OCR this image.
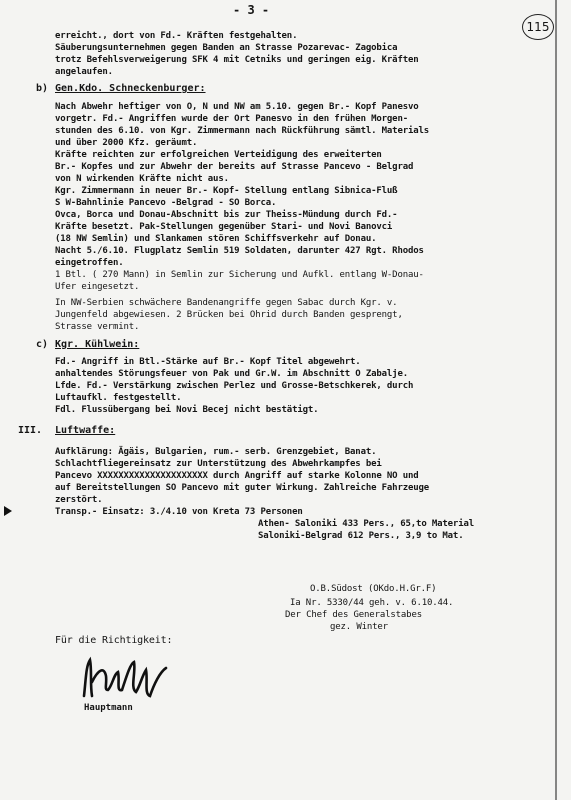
- 3 -
115
erreicht., dort von Fd.- Kräften festgehalten.
Säuberungsunternehmen gegen Banden an Strasse Pozarevac- Zagobica
trotz Befehlsverweigerung SFK 4 mit Cetniks und geringen eig. Kräften
angelaufen.
b) Gen.Kdo. Schneckenburger:
Nach Abwehr heftiger von O, N und NW am 5.10. gegen Br.- Kopf Panesvo
vorgetr. Fd.- Angriffen wurde der Ort Panesvo in den frühen Morgen-
stunden des 6.10. von Kgr. Zimmermann nach Rückführung sämtl. Materials
und über 2000 Kfz. geräumt.
Kräfte reichten zur erfolgreichen Verteidigung des erweiterten
Br.- Kopfes und zur Abwehr der bereits auf Strasse Pancevo - Belgrad
von N wirkenden Kräfte nicht aus.
Kgr. Zimmermann in neuer Br.- Kopf- Stellung entlang Sibnica-Fluß
S W-Bahnlinie Pancevo -Belgrad - SO Borca.
Ovca, Borca und Donau-Abschnitt bis zur Theiss-Mündung durch Fd.-
Kräfte besetzt. Pak-Stellungen gegenüber Stari- und Novi Banovci
(18 NW Semlin) und Slankamen stören Schiffsverkehr auf Donau.
Nacht 5./6.10. Flugplatz Semlin 519 Soldaten, darunter 427 Rgt. Rhodos
eingetroffen.
1 Btl. ( 270 Mann) in Semlin zur Sicherung und Aufkl. entlang W-Donau-
Ufer eingesetzt.
In NW-Serbien schwächere Bandenangriffe gegen Sabac durch Kgr. v.
Jungenfeld abgewiesen. 2 Brücken bei Ohrid durch Banden gesprengt,
Strasse vermint.
c) Kgr. Kühlwein:
Fd.- Angriff in Btl.-Stärke auf Br.- Kopf Titel abgewehrt.
anhaltendes Störungsfeuer von Pak und Gr.W. im Abschnitt O Zabalje.
Lfde. Fd.- Verstärkung zwischen Perlez und Grosse-Betschkerek, durch
Luftaufkl. festgestellt.
Fdl. Flussübergang bei Novi Becej nicht bestätigt.
III. Luftwaffe:
Aufklärung: Ägäis, Bulgarien, rum.- serb. Grenzgebiet, Banat.
Schlachtfliegereinsatz zur Unterstützung des Abwehrkampfes bei
Pancevo XXXXXXXXXXXXXXXXXXXXX durch Angriff auf starke Kolonne NO und
auf Bereitstellungen SO Pancevo mit guter Wirkung. Zahlreiche Fahrzeuge
zerstört.
Transp.- Einsatz: 3./4.10 von Kreta 73 Personen
Athen- Saloniki 433 Pers., 65,to Material
Saloniki-Belgrad 612 Pers., 3,9 to Mat.
O.B.Südost (OKdo.H.Gr.F)
Ia Nr. 5330/44 geh. v. 6.10.44.
Der Chef des Generalstabes
gez. Winter
Für die Richtigkeit:
Hauptmann
